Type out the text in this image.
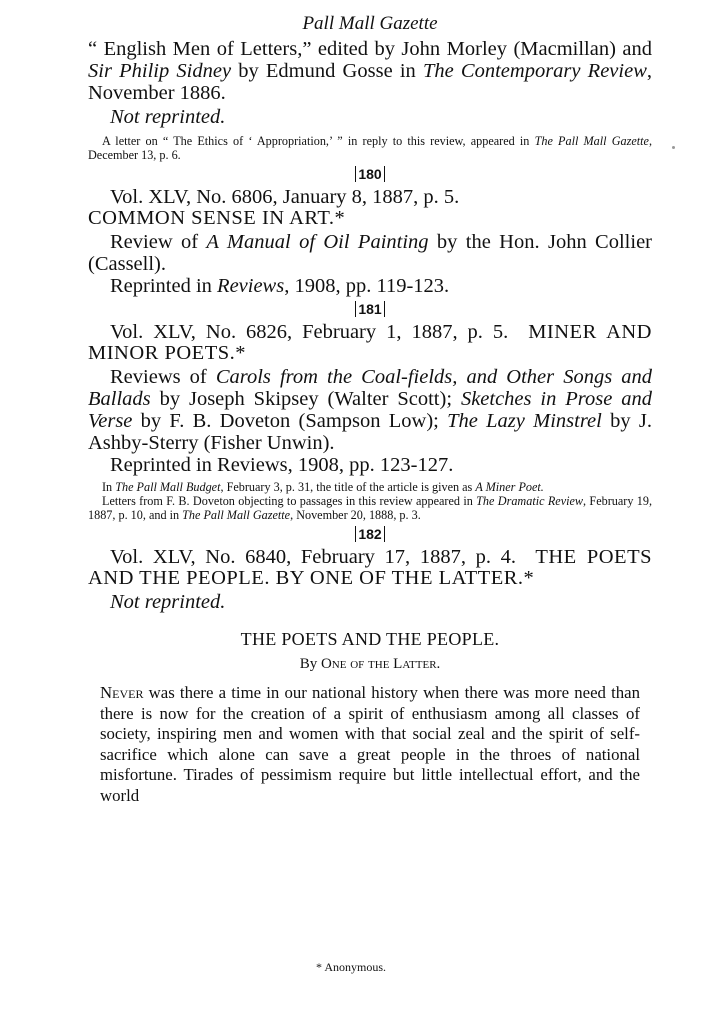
Pall Mall Gazette
“ English Men of Letters,” edited by John Morley (Macmillan) and Sir Philip Sidney by Edmund Gosse in The Contemporary Review, November 1886.
Not reprinted.
A letter on “ The Ethics of ‘ Appropriation,’ ” in reply to this review, appeared in The Pall Mall Gazette, December 13, p. 6.
180
Vol. XLV, No. 6806, January 8, 1887, p. 5.
COMMON SENSE IN ART.*
Review of A Manual of Oil Painting by the Hon. John Collier (Cassell).
Reprinted in Reviews, 1908, pp. 119-123.
181
Vol. XLV, No. 6826, February 1, 1887, p. 5. MINER AND MINOR POETS.*
Reviews of Carols from the Coal-fields, and Other Songs and Ballads by Joseph Skipsey (Walter Scott); Sketches in Prose and Verse by F. B. Doveton (Sampson Low); The Lazy Minstrel by J. Ashby-Sterry (Fisher Unwin).
Reprinted in Reviews, 1908, pp. 123-127.
In The Pall Mall Budget, February 3, p. 31, the title of the article is given as A Miner Poet.
Letters from F. B. Doveton objecting to passages in this review appeared in The Dramatic Review, February 19, 1887, p. 10, and in The Pall Mall Gazette, November 20, 1888, p. 3.
182
Vol. XLV, No. 6840, February 17, 1887, p. 4. THE POETS AND THE PEOPLE. BY ONE OF THE LATTER.*
Not reprinted.
THE POETS AND THE PEOPLE.
By One of the Latter.
Never was there a time in our national history when there was more need than there is now for the creation of a spirit of enthusiasm among all classes of society, inspiring men and women with that social zeal and the spirit of self-sacrifice which alone can save a great people in the throes of national misfortune. Tirades of pessimism require but little intellectual effort, and the world
* Anonymous.
